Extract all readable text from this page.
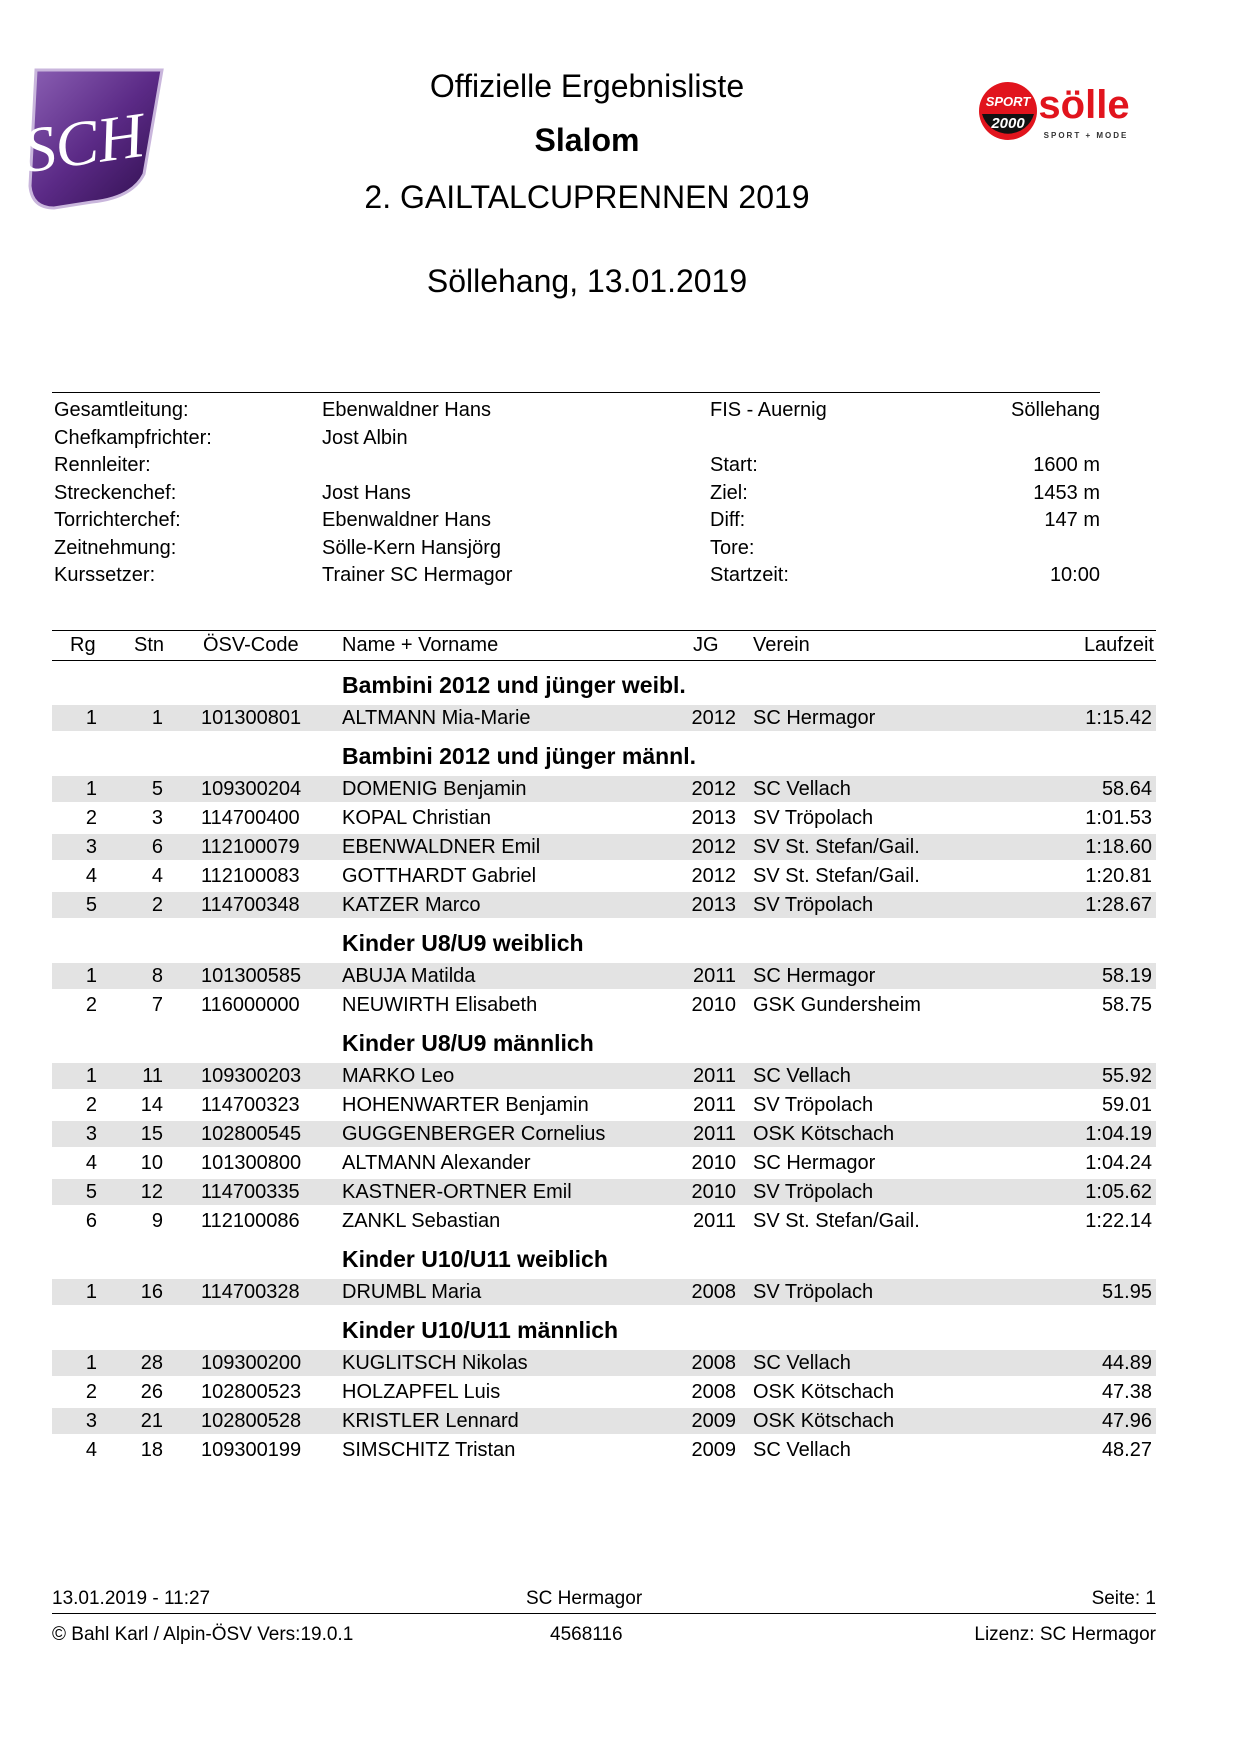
SCH	SPORT
2000 sölle
SPORT + MODE
Offizielle Ergebnisliste
Slalom
2. GAILTALCUPRENNEN 2019
Söllehang, 13.01.2019
Gesamtleitung:	Ebenwaldner Hans	FIS - Auernig	Söllehang
Chefkampfrichter:	Jost Albin
Rennleiter:	Start:	1600 m
Streckenchef:	Jost Hans	Ziel:	1453 m
Torrichterchef:	Ebenwaldner Hans	Diff:	147 m
Zeitnehmung:	Sölle-Kern Hansjörg	Tore:
Kurssetzer:	Trainer SC Hermagor	Startzeit:	10:00
Rg Stn ÖSV-Code Name + Vorname	JG Verein	Laufzeit
Bambini 2012 und jünger weibl.
1	1 101300801 ALTMANN Mia-Marie	2012 SC Hermagor	1:15.42
Bambini 2012 und jünger männl.
1	5 109300204 DOMENIG Benjamin	2012 SC Vellach	58.64
2	3 114700400 KOPAL Christian	2013 SV Tröpolach	1:01.53
3	6 112100079 EBENWALDNER Emil	2012 SV St. Stefan/Gail.	1:18.60
4	4 112100083 GOTTHARDT Gabriel	2012 SV St. Stefan/Gail.	1:20.81
5	2 114700348 KATZER Marco	2013 SV Tröpolach	1:28.67
Kinder U8/U9 weiblich
1	8 101300585 ABUJA Matilda	2011 SC Hermagor	58.19
2	7 116000000 NEUWIRTH Elisabeth	2010 GSK Gundersheim	58.75
Kinder U8/U9 männlich
1 11 109300203 MARKO Leo	2011 SC Vellach	55.92
2 14 114700323 HOHENWARTER Benjamin	2011 SV Tröpolach	59.01
3 15 102800545 GUGGENBERGER Cornelius	2011 OSK Kötschach	1:04.19
4 10 101300800 ALTMANN Alexander	2010 SC Hermagor	1:04.24
5 12 114700335 KASTNER-ORTNER Emil	2010 SV Tröpolach	1:05.62
6	9 112100086 ZANKL Sebastian	2011 SV St. Stefan/Gail.	1:22.14
Kinder U10/U11 weiblich
1 16 114700328 DRUMBL Maria	2008 SV Tröpolach	51.95
Kinder U10/U11 männlich
1 28 109300200 KUGLITSCH Nikolas	2008 SC Vellach	44.89
2 26 102800523 HOLZAPFEL Luis	2008 OSK Kötschach	47.38
3 21 102800528 KRISTLER Lennard	2009 OSK Kötschach	47.96
4 18 109300199 SIMSCHITZ Tristan	2009 SC Vellach	48.27
13.01.2019 - 11:27	SC Hermagor	Seite: 1
© Bahl Karl / Alpin-ÖSV Vers:19.0.1	4568116	Lizenz: SC Hermagor
